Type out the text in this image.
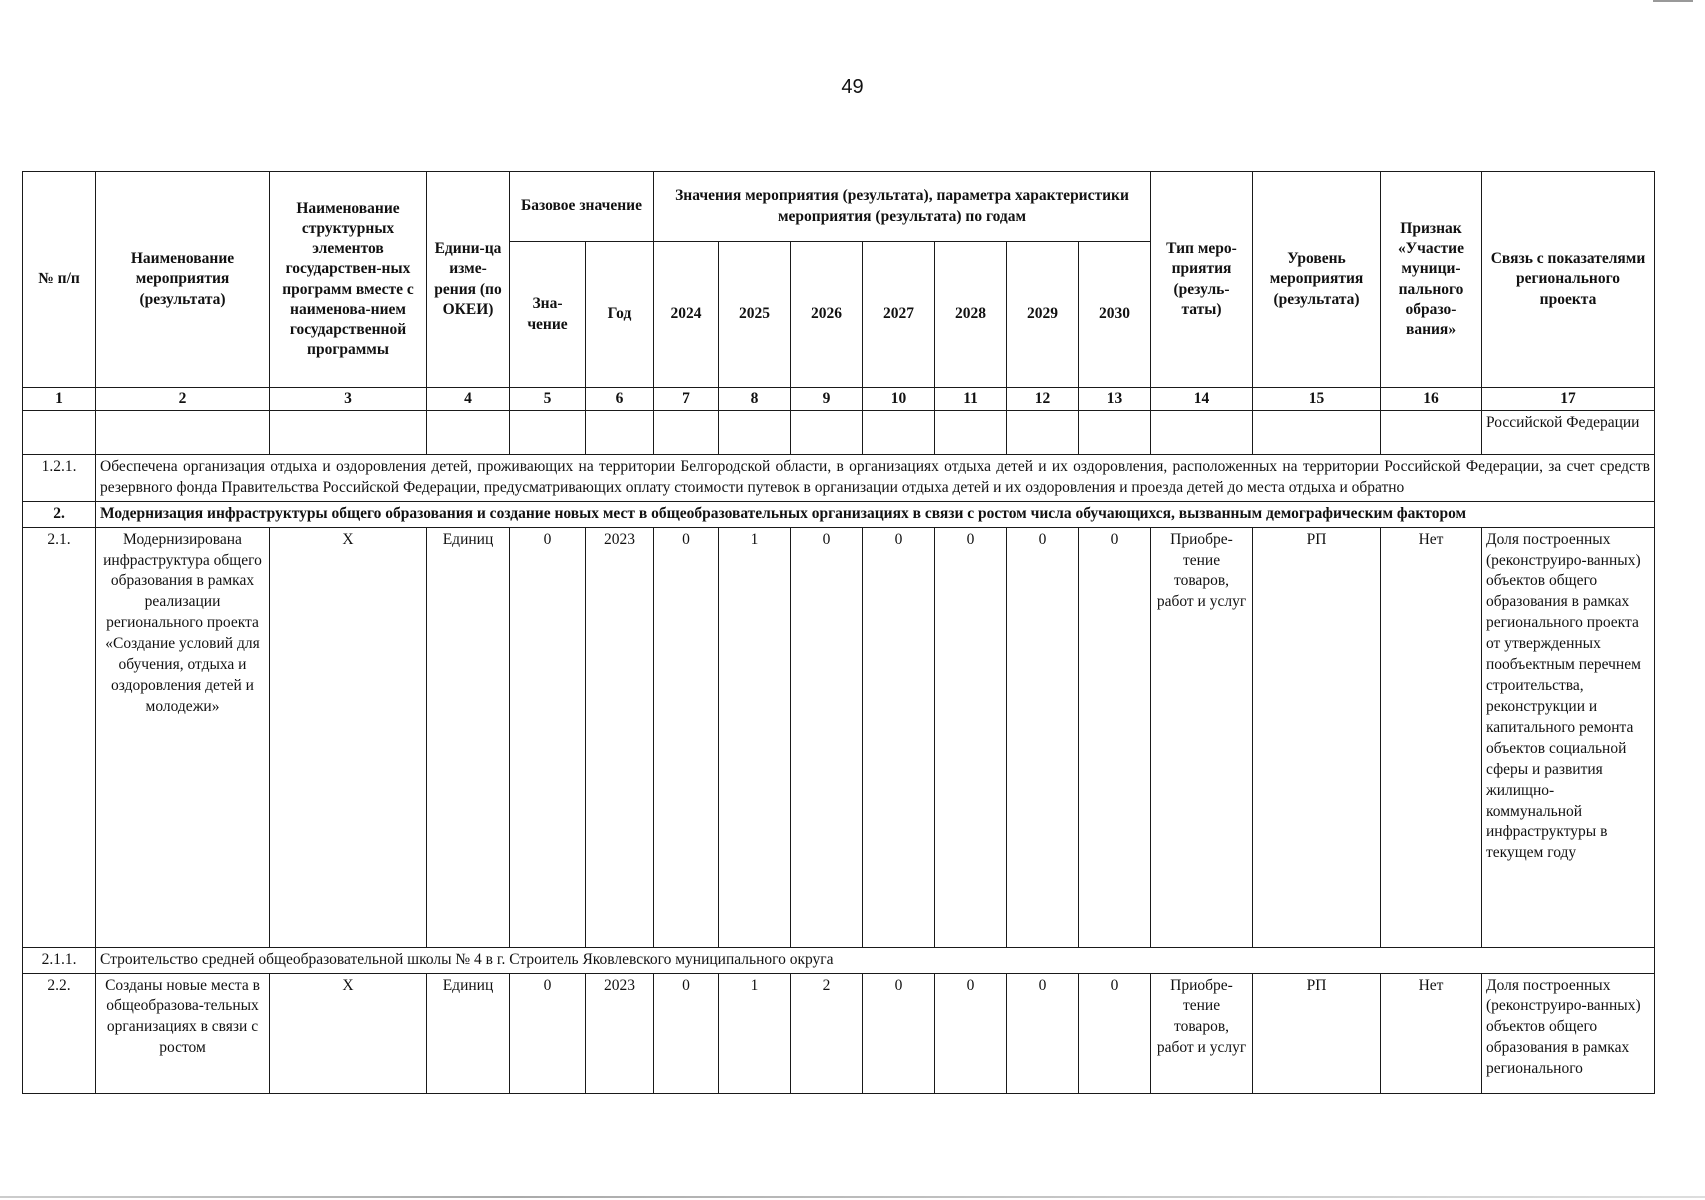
49
№ п/п	Наименование мероприятия (результата)	Наименование структурных элементов государствен-ных программ вместе с наименова-нием государственной программы	Едини-ца изме-рения (по ОКЕИ)	Базовое значение		Значения мероприятия (результата), параметра характеристики мероприятия (результата) по годам							Тип меро-приятия (резуль-таты)	Уровень мероприятия (результата)	Признак «Участие муници-пального образо-вания»	Связь с показателями регионального проекта
				Зна-чение	Год	2024	2025	2026	2027	2028	2029	2030				
1	2	3	4	5	6	7	8	9	10	11	12	13	14	15	16	17
																Российской Федерации
1.2.1.	Обеспечена организация отдыха и оздоровления детей, проживающих на территории Белгородской области, в организациях отдыха детей и их оздоровления, расположенных на территории Российской Федерации, за счет средств резервного фонда Правительства Российской Федерации, предусматривающих оплату стоимости путевок в организации отдыха детей и их оздоровления и проезда детей до места отдыха и обратно															
2.	Модернизация инфраструктуры общего образования и создание новых мест в общеобразовательных организациях в связи с ростом числа обучающихся, вызванным демографическим фактором															
2.1.	Модернизирована инфраструктура общего образования в рамках реализации регионального проекта «Создание условий для обучения, отдыха и оздоровления детей и молодежи»	Х	Единиц	0	2023	0	1	0	0	0	0	0	Приобре-тение товаров, работ и услуг	РП	Нет	Доля построенных (реконструиро-ванных) объектов общего образования в рамках регионального проекта от утвержденных пообъектным перечнем строительства, реконструкции и капитального ремонта объектов социальной сферы и развития жилищно-коммунальной инфраструктуры в текущем году
2.1.1.	Строительство средней общеобразовательной школы № 4 в г. Строитель Яковлевского муниципального округа															
2.2.	Созданы новые места в общеобразова-тельных организациях в связи с ростом	Х	Единиц	0	2023	0	1	2	0	0	0	0	Приобре-тение товаров, работ и услуг	РП	Нет	Доля построенных (реконструиро-ванных) объектов общего образования в рамках регионального
